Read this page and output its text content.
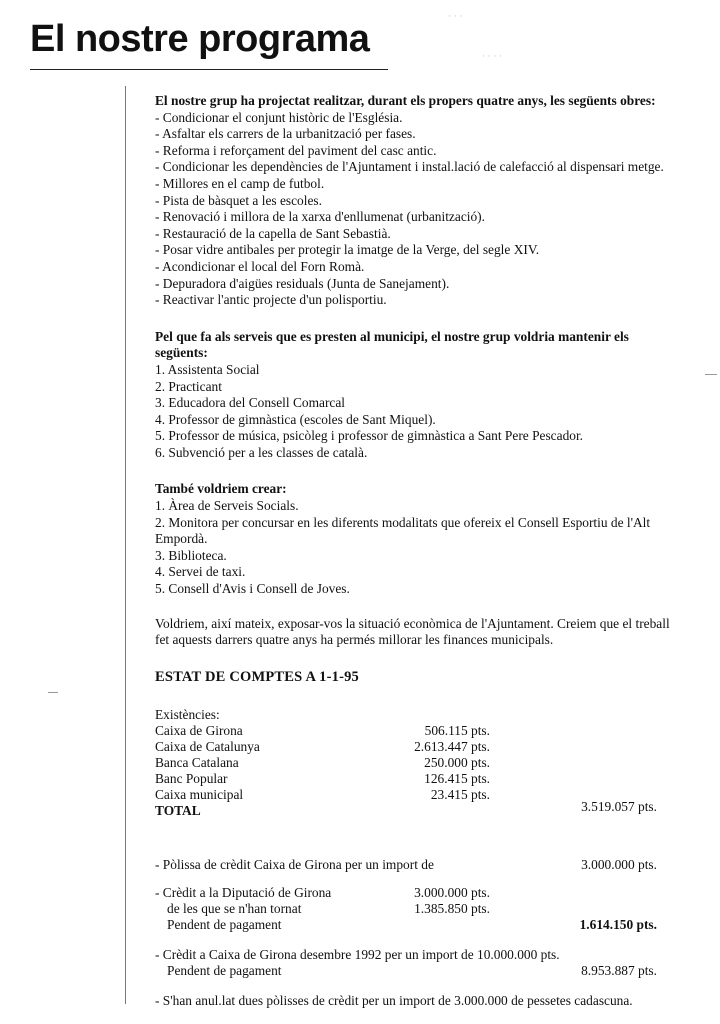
El nostre programa	· · · ·
· · ·

El nostre grup ha projectat realitzar, durant els propers quatre anys, les següents obres:

- Condicionar el conjunt històric de l'Església.
- Asfaltar els carrers de la urbanització per fases.
- Reforma i reforçament del paviment del casc antic.
- Condicionar les dependències de l'Ajuntament i instal.lació de calefacció al dispensari metge.
- Millores en el camp de futbol.
- Pista de bàsquet a les escoles.
- Renovació i millora de la xarxa d'enllumenat (urbanització).
- Restauració de la capella de Sant Sebastià.
- Posar vidre antibales per protegir la imatge de la Verge, del segle XIV.
- Acondicionar el local del Forn Romà.
- Depuradora d'aigües residuals (Junta de Sanejament).
- Reactivar l'antic projecte d'un polisportiu.

Pel que fa als serveis que es presten al municipi, el nostre grup voldria mantenir els següents:

1. Assistenta Social
2. Practicant
3. Educadora del Consell Comarcal
4. Professor de gimnàstica (escoles de Sant Miquel).
5. Professor de música, psicòleg i professor de gimnàstica a Sant Pere Pescador.
6. Subvenció per a les classes de català.

També voldriem crear:

1. Àrea de Serveis Socials.
2. Monitora per concursar en les diferents modalitats que ofereix el Consell Esportiu de l'Alt Empordà.
3. Biblioteca.
4. Servei de taxi.
5. Consell d'Avis i Consell de Joves.

Voldriem, així mateix, exposar-vos la situació econòmica de l'Ajuntament. Creiem que el treball fet aquests darrers quatre anys ha permés millorar les finances municipals.

ESTAT DE COMPTES A 1-1-95

Existències:
Caixa de Girona	506.115 pts.
Caixa de Catalunya	2.613.447 pts.
Banca Catalana	250.000 pts.
Banc Popular	126.415 pts.
Caixa municipal	23.415 pts.
TOTAL	3.519.057 pts.
- Pòlissa de crèdit Caixa de Girona per un import de	3.000.000 pts.
- Crèdit a la Diputació de Girona	3.000.000 pts.
de les que se n'han tornat	1.385.850 pts.
Pendent de pagament	1.614.150 pts.
- Crèdit a Caixa de Girona desembre 1992 per un import de 10.000.000 pts.
Pendent de pagament	8.953.887 pts.
- S'han anul.lat dues pòlisses de crèdit per un import de 3.000.000 de pessetes cadascuna.
